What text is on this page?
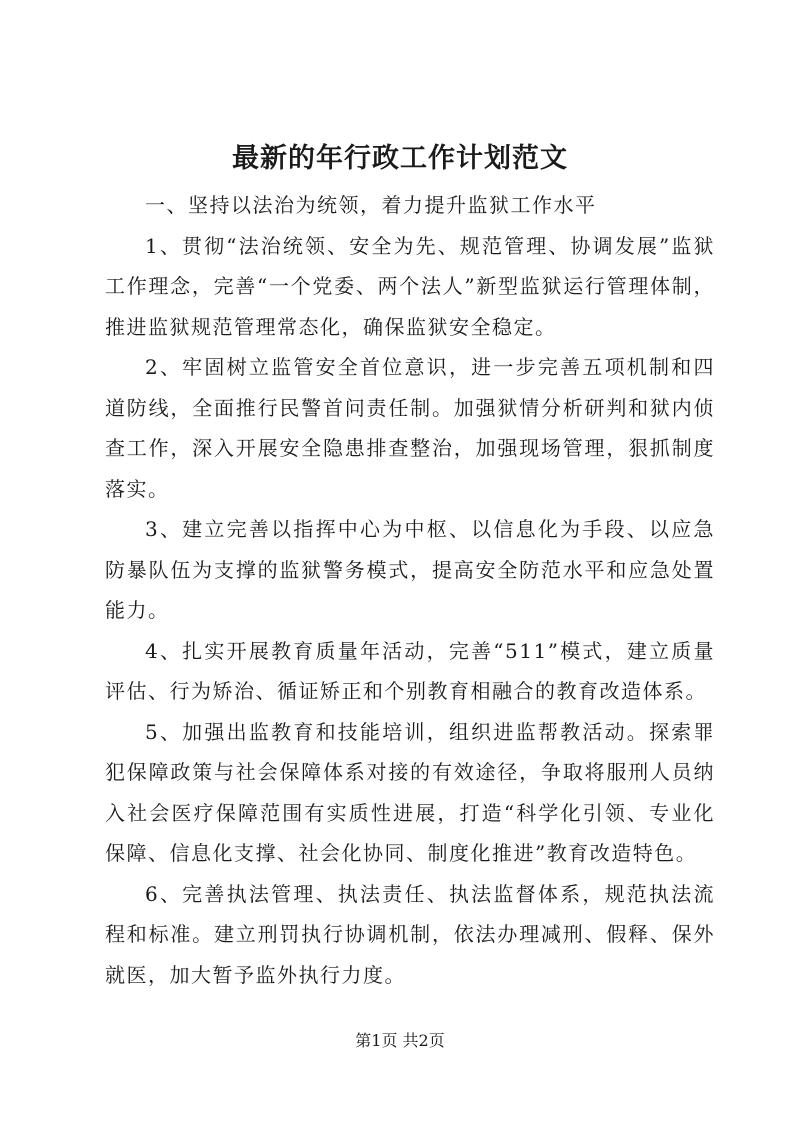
最新的年行政工作计划范文

一、坚持以法治为统领，着力提升监狱工作水平

1、贯彻“法治统领、安全为先、规范管理、协调发展”监狱工作理念，完善“一个党委、两个法人”新型监狱运行管理体制，推进监狱规范管理常态化，确保监狱安全稳定。

2、牢固树立监管安全首位意识，进一步完善五项机制和四道防线，全面推行民警首问责任制。加强狱情分析研判和狱内侦查工作，深入开展安全隐患排查整治，加强现场管理，狠抓制度落实。

3、建立完善以指挥中心为中枢、以信息化为手段、以应急防暴队伍为支撑的监狱警务模式，提高安全防范水平和应急处置能力。

4、扎实开展教育质量年活动，完善“511”模式，建立质量评估、行为矫治、循证矫正和个别教育相融合的教育改造体系。

5、加强出监教育和技能培训，组织进监帮教活动。探索罪犯保障政策与社会保障体系对接的有效途径，争取将服刑人员纳入社会医疗保障范围有实质性进展，打造“科学化引领、专业化保障、信息化支撑、社会化协同、制度化推进”教育改造特色。

6、完善执法管理、执法责任、执法监督体系，规范执法流程和标准。建立刑罚执行协调机制，依法办理减刑、假释、保外就医，加大暂予监外执行力度。

第1页 共2页
